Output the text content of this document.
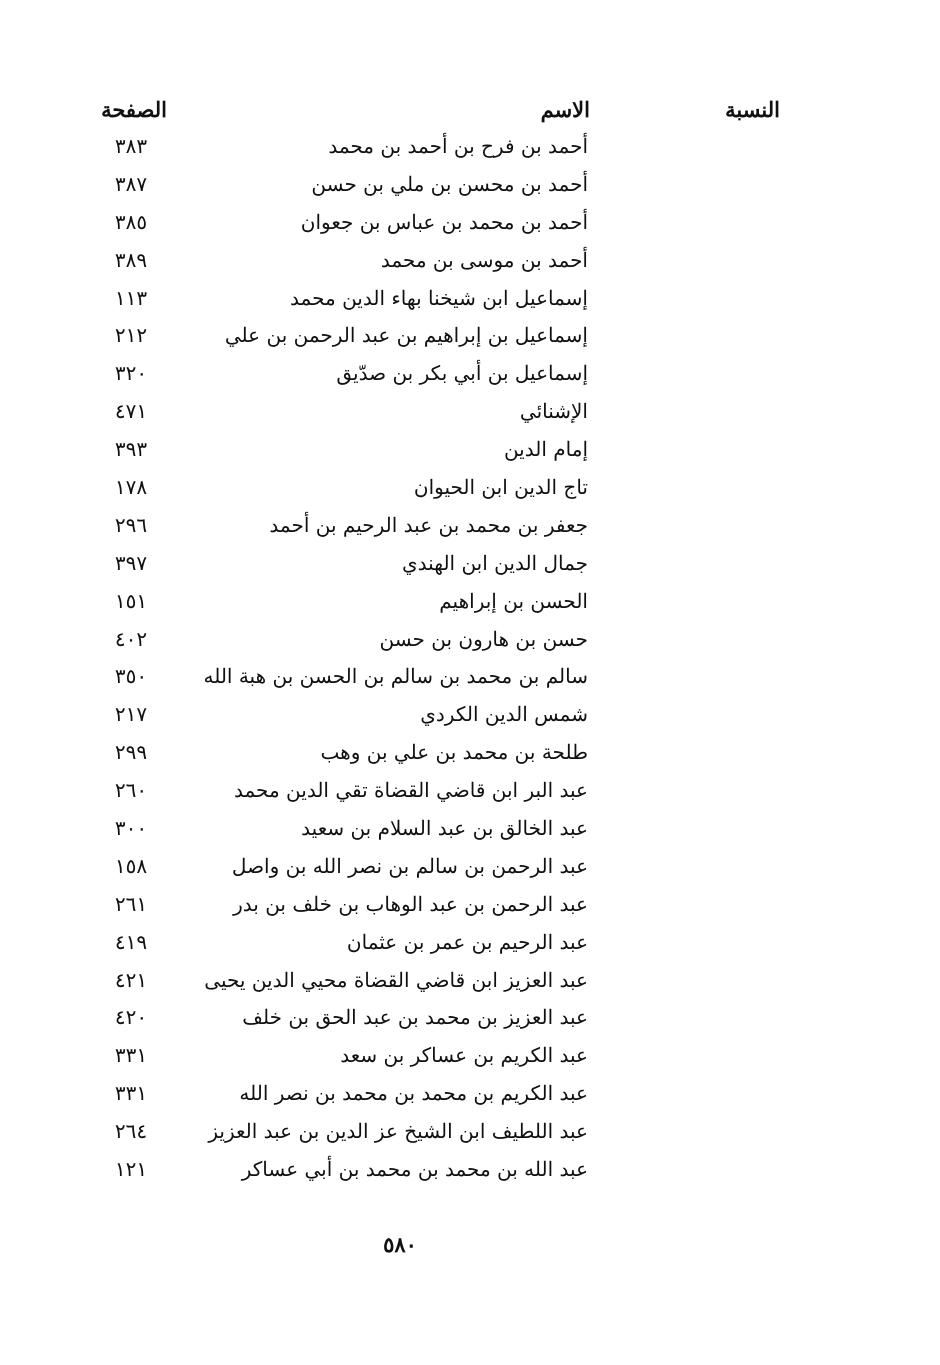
النسبة
الاسم
الصفحة
أحمد بن فرح بن أحمد بن محمد
٣٨٣
أحمد بن محسن بن ملي بن حسن
٣٨٧
أحمد بن محمد بن عباس بن جعوان
٣٨٥
أحمد بن موسى بن محمد
٣٨٩
إسماعيل ابن شيخنا بهاء الدين محمد
١١٣
إسماعيل بن إبراهيم بن عبد الرحمن بن علي
٢١٢
إسماعيل بن أبي بكر بن صدّيق
٣٢٠
الإشنائي
٤٧١
إمام الدين
٣٩٣
تاج الدين ابن الحيوان
١٧٨
جعفر بن محمد بن عبد الرحيم بن أحمد
٢٩٦
جمال الدين ابن الهندي
٣٩٧
الحسن بن إبراهيم
١٥١
حسن بن هارون بن حسن
٤٠٢
سالم بن محمد بن سالم بن الحسن بن هبة الله
٣٥٠
شمس الدين الكردي
٢١٧
طلحة بن محمد بن علي بن وهب
٢٩٩
عبد البر ابن قاضي القضاة تقي الدين محمد
٢٦٠
عبد الخالق بن عبد السلام بن سعيد
٣٠٠
عبد الرحمن بن سالم بن نصر الله بن واصل
١٥٨
عبد الرحمن بن عبد الوهاب بن خلف بن بدر
٢٦١
عبد الرحيم بن عمر بن عثمان
٤١٩
عبد العزيز ابن قاضي القضاة محيي الدين يحيى
٤٢١
عبد العزيز بن محمد بن عبد الحق بن خلف
٤٢٠
عبد الكريم بن عساكر بن سعد
٣٣١
عبد الكريم بن محمد بن محمد بن نصر الله
٣٣١
عبد اللطيف ابن الشيخ عز الدين بن عبد العزيز
٢٦٤
عبد الله بن محمد بن محمد بن أبي عساكر
١٢١
٥٨٠
